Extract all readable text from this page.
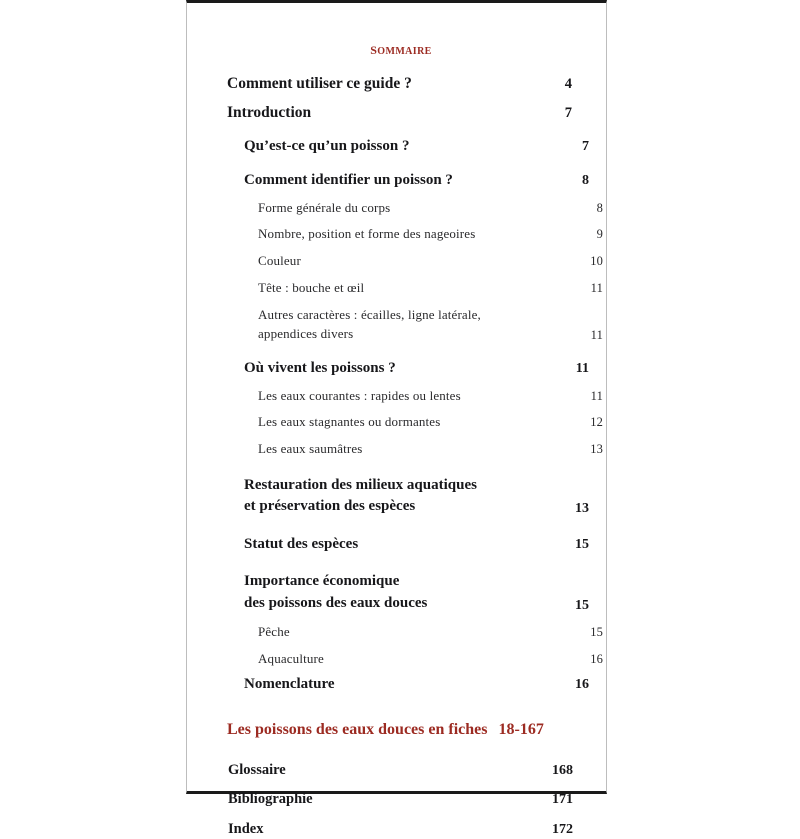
sommaire
Comment utiliser ce guide ?	4
Introduction	7
Qu’est-ce qu’un poisson ?	7
Comment identifier un poisson ?	8
Forme générale du corps	8
Nombre, position et forme des nageoires	9
Couleur	10
Tête : bouche et œil	11
Autres caractères : écailles, ligne latérale,
appendices divers	11
Où vivent les poissons ?	11
Les eaux courantes : rapides ou lentes	11
Les eaux stagnantes ou dormantes	12
Les eaux saumâtres	13
Restauration des milieux aquatiques
et préservation des espèces	13
Statut des espèces	15
Importance économique
des poissons des eaux douces	15
Pêche	15
Aquaculture	16
Nomenclature	16
Les poissons des eaux douces en fiches 18-167
Glossaire	168
Bibliographie	171
Index	172
